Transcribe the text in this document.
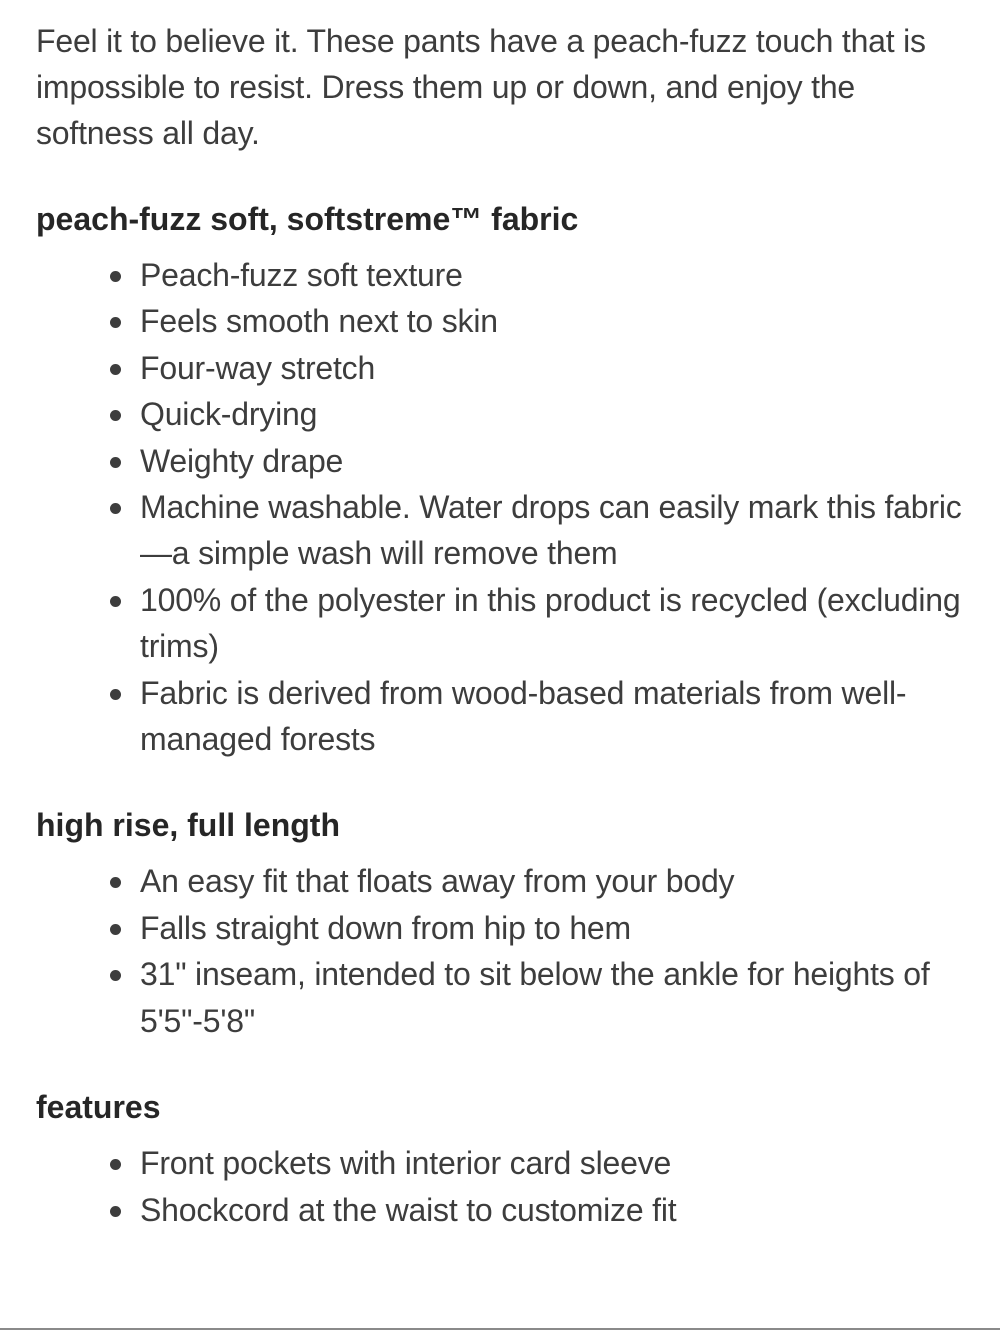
Feel it to believe it. These pants have a peach-fuzz touch that is impossible to resist. Dress them up or down, and enjoy the softness all day.

peach-fuzz soft, softstreme™ fabric
Peach-fuzz soft texture
Feels smooth next to skin
Four-way stretch
Quick-drying
Weighty drape
Machine washable. Water drops can easily mark this fabric—a simple wash will remove them
100% of the polyester in this product is recycled (excluding trims)
Fabric is derived from wood-based materials from well-managed forests
high rise, full length
An easy fit that floats away from your body
Falls straight down from hip to hem
31" inseam, intended to sit below the ankle for heights of 5'5"-5'8"
features
Front pockets with interior card sleeve
Shockcord at the waist to customize fit
